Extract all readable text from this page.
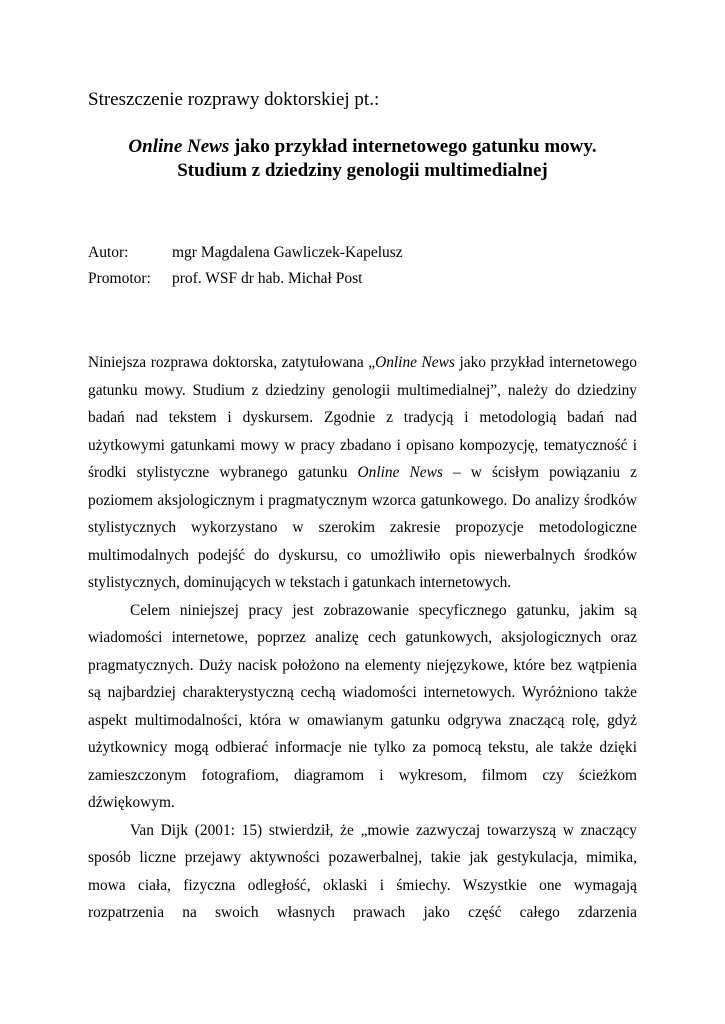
Streszczenie rozprawy doktorskiej pt.:
Online News jako przykład internetowego gatunku mowy.
Studium z dziedziny genologii multimedialnej
Autor:	mgr Magdalena Gawliczek-Kapelusz
Promotor:	prof. WSF dr hab. Michał Post

Niniejsza rozprawa doktorska, zatytułowana „Online News jako przykład internetowego gatunku mowy. Studium z dziedziny genologii multimedialnej”, należy do dziedziny badań nad tekstem i dyskursem. Zgodnie z tradycją i metodologią badań nad użytkowymi gatunkami mowy w pracy zbadano i opisano kompozycję, tematyczność i środki stylistyczne wybranego gatunku Online News – w ścisłym powiązaniu z poziomem aksjologicznym i pragmatycznym wzorca gatunkowego. Do analizy środków stylistycznych wykorzystano w szerokim zakresie propozycje metodologiczne multimodalnych podejść do dyskursu, co umożliwiło opis niewerbalnych środków stylistycznych, dominujących w tekstach i gatunkach internetowych.

Celem niniejszej pracy jest zobrazowanie specyficznego gatunku, jakim są wiadomości internetowe, poprzez analizę cech gatunkowych, aksjologicznych oraz pragmatycznych. Duży nacisk położono na elementy niejęzykowe, które bez wątpienia są najbardziej charakterystyczną cechą wiadomości internetowych. Wyróżniono także aspekt multimodalności, która w omawianym gatunku odgrywa znaczącą rolę, gdyż użytkownicy mogą odbierać informacje nie tylko za pomocą tekstu, ale także dzięki zamieszczonym fotografiom, diagramom i wykresom, filmom czy ścieżkom dźwiękowym.

Van Dijk (2001: 15) stwierdził, że „mowie zazwyczaj towarzyszą w znaczący sposób liczne przejawy aktywności pozawerbalnej, takie jak gestykulacja, mimika, mowa ciała, fizyczna odległość, oklaski i śmiechy. Wszystkie one wymagają rozpatrzenia na swoich własnych prawach jako część całego zdarzenia
